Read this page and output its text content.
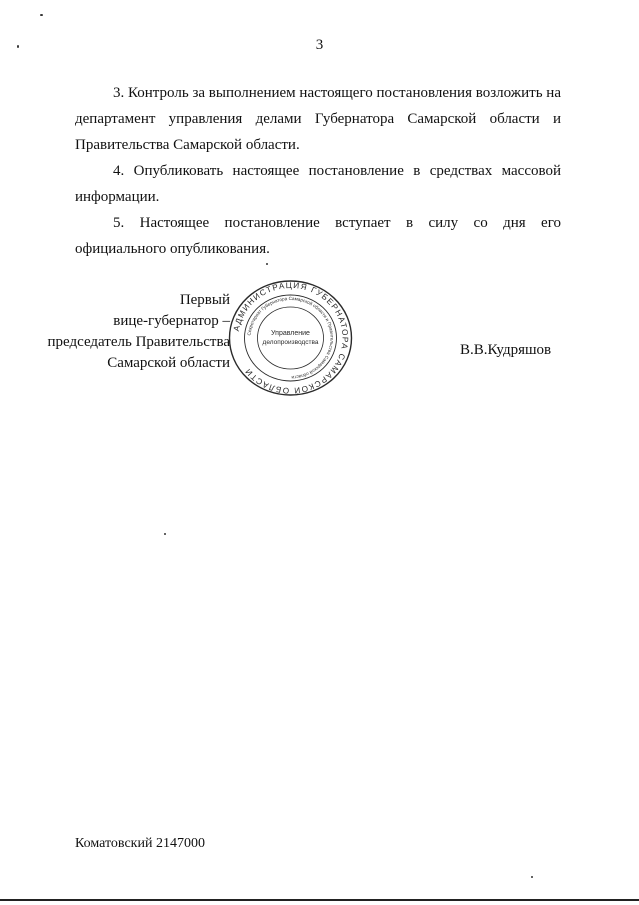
3

3. Контроль за выполнением настоящего постановления возложить на департамент управления делами Губернатора Самарской области и Правительства Самарской области.

4. Опубликовать настоящее постановление в средствах массовой информации.

5. Настоящее постановление вступает в силу со дня его официального опубликования.

Первый
вице-губернатор –
председатель Правительства
Самарской области
АДМИНИСТРАЦИЯ ГУБЕРНАТОРА САМАРСКОЙ ОБЛАСТИ
Секретариат Губернатора Самарской области и Правительства Самарской области
Управление
делопроизводства	В.В.Кудряшов
Коматовский 2147000
